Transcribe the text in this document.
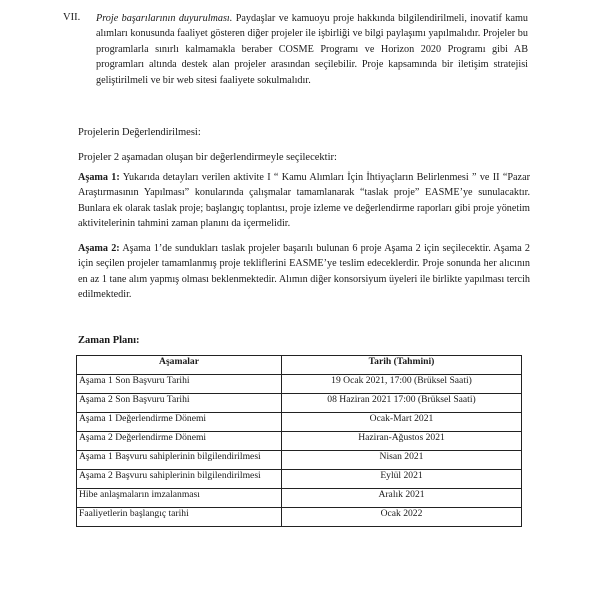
VII. Proje başarılarının duyurulması. Paydaşlar ve kamuoyu proje hakkında bilgilendirilmeli, inovatif kamu alımları konusunda faaliyet gösteren diğer projeler ile işbirliği ve bilgi paylaşımı yapılmalıdır. Projeler bu programlarla sınırlı kalmamakla beraber COSME Programı ve Horizon 2020 Programı gibi AB programları altında destek alan projeler arasından seçilebilir. Proje kapsamında bir iletişim stratejisi geliştirilmeli ve bir web sitesi faaliyete sokulmalıdır.
Projelerin Değerlendirilmesi:
Projeler 2 aşamadan oluşan bir değerlendirmeyle seçilecektir:
Aşama 1: Yukarıda detayları verilen aktivite I “ Kamu Alımları İçin İhtiyaçların Belirlenmesi ” ve II “Pazar Araştırmasının Yapılması” konularında çalışmalar tamamlanarak “taslak proje” EASME’ye sunulacaktır. Bunlara ek olarak taslak proje; başlangıç toplantısı, proje izleme ve değerlendirme raporları gibi proje yönetim aktivitelerinin tahmini zaman planını da içermelidir.
Aşama 2: Aşama 1’de sundukları taslak projeler başarılı bulunan 6 proje Aşama 2 için seçilecektir. Aşama 2 için seçilen projeler tamamlanmış proje tekliflerini EASME’ye teslim edeceklerdir. Proje sonunda her alıcının en az 1 tane alım yapmış olması beklenmektedir. Alımın diğer konsorsiyum üyeleri ile birlikte yapılması tercih edilmektedir.
Zaman Planı:
Aşamalar	Tarih (Tahmini)
Aşama 1 Son Başvuru Tarihi	19 Ocak 2021, 17:00 (Brüksel Saati)
Aşama 2 Son Başvuru Tarihi	08 Haziran 2021 17:00 (Brüksel Saati)
Aşama 1 Değerlendirme Dönemi	Ocak-Mart 2021
Aşama 2 Değerlendirme Dönemi	Haziran-Ağustos 2021
Aşama 1 Başvuru sahiplerinin bilgilendirilmesi	Nisan 2021
Aşama 2 Başvuru sahiplerinin bilgilendirilmesi	Eylül 2021
Hibe anlaşmaların imzalanması	Aralık 2021
Faaliyetlerin başlangıç tarihi	Ocak 2022
